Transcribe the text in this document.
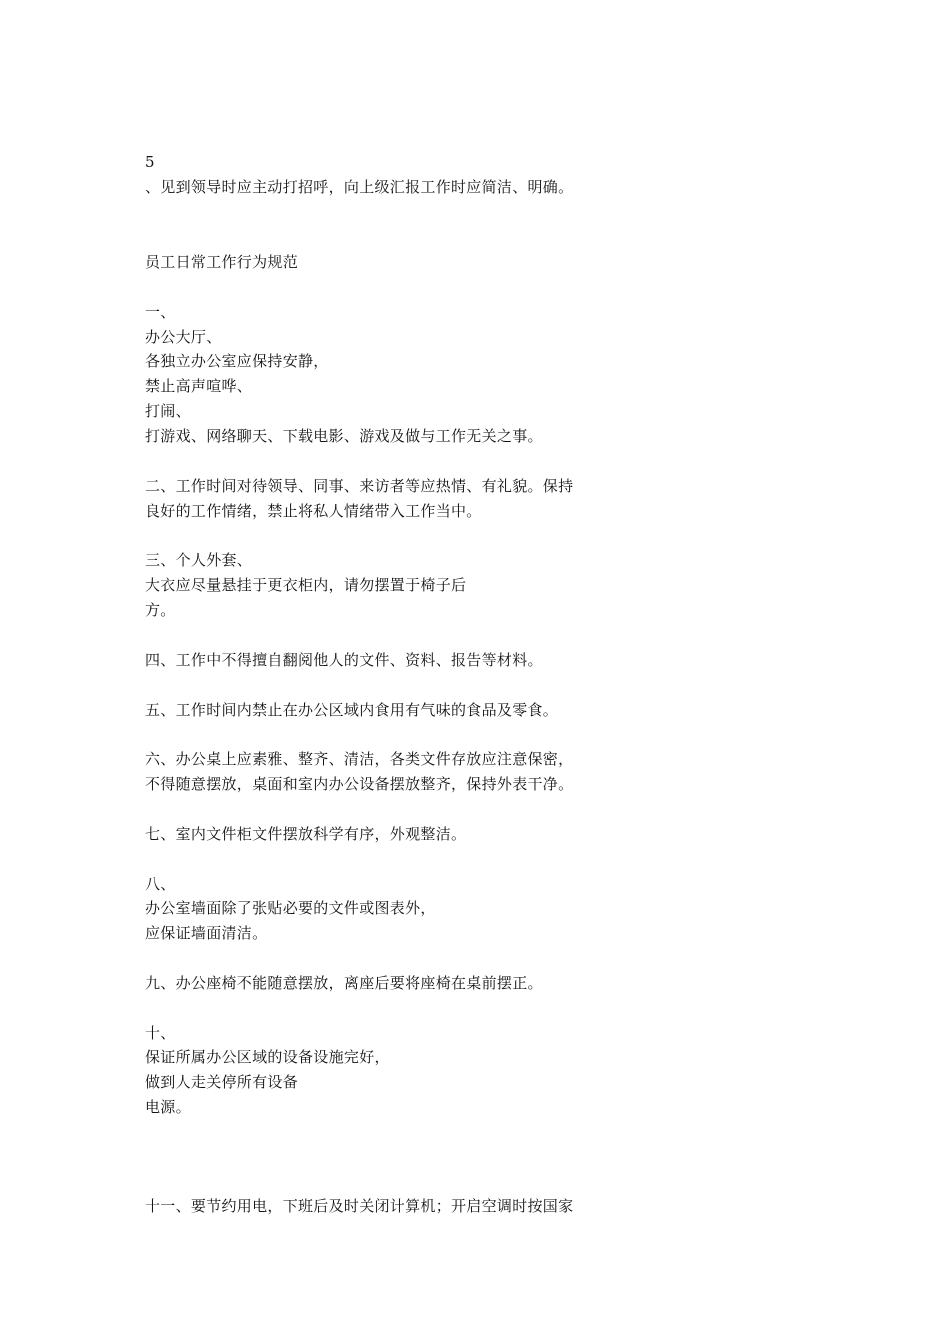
5
、见到领导时应主动打招呼，向上级汇报工作时应简洁、明确。
员工日常工作行为规范
一、
办公大厅、
各独立办公室应保持安静，
禁止高声喧哗、
打闹、
打游戏、网络聊天、下载电影、游戏及做与工作无关之事。
二、工作时间对待领导、同事、来访者等应热情、有礼貌。保持
良好的工作情绪，禁止将私人情绪带入工作当中。
三、个人外套、
大衣应尽量悬挂于更衣柜内，请勿摆置于椅子后
方。
四、工作中不得擅自翻阅他人的文件、资料、报告等材料。
五、工作时间内禁止在办公区域内食用有气味的食品及零食。
六、办公桌上应素雅、整齐、清洁，各类文件存放应注意保密，
不得随意摆放，桌面和室内办公设备摆放整齐，保持外表干净。
七、室内文件柜文件摆放科学有序，外观整洁。
八、
办公室墙面除了张贴必要的文件或图表外，
应保证墙面清洁。
九、办公座椅不能随意摆放，离座后要将座椅在桌前摆正。
十、
保证所属办公区域的设备设施完好，
做到人走关停所有设备
电源。
十一、要节约用电，下班后及时关闭计算机；开启空调时按国家
